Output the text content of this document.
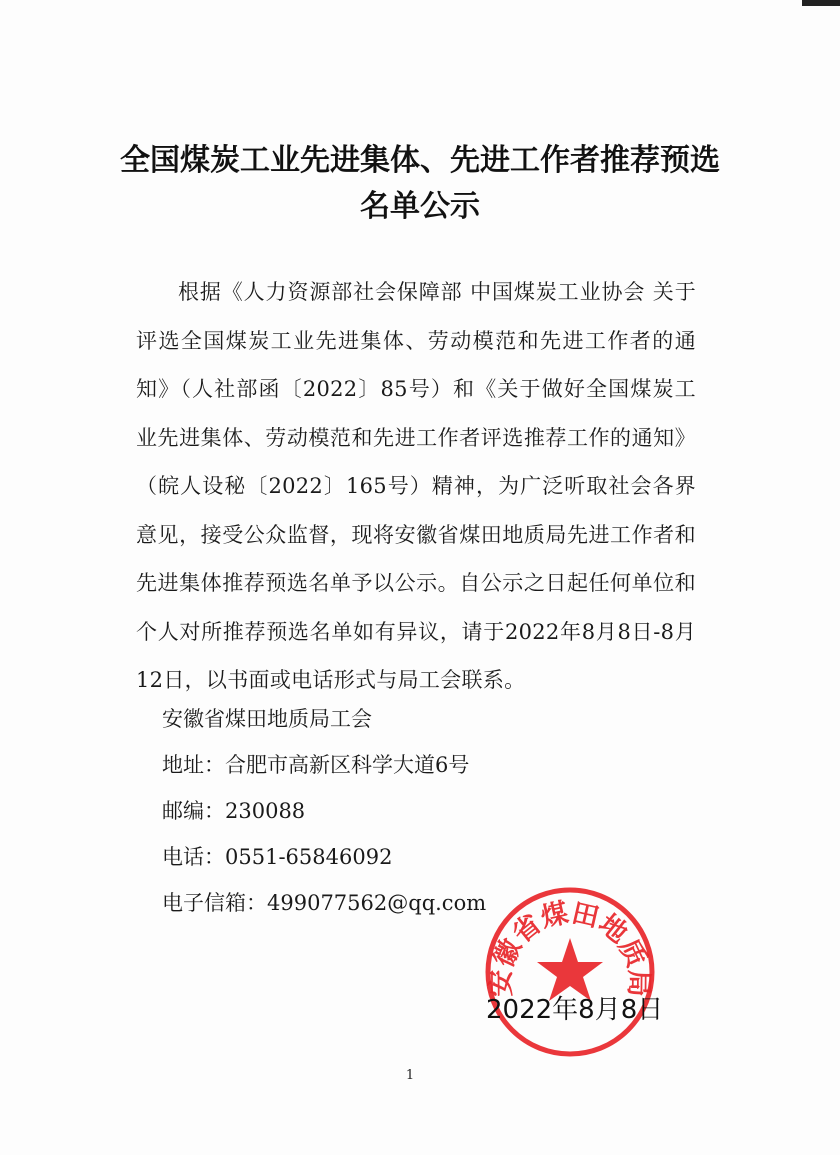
全国煤炭工业先进集体、先进工作者推荐预选名单公示
根据《人力资源部社会保障部 中国煤炭工业协会 关于评选全国煤炭工业先进集体、劳动模范和先进工作者的通知》（人社部函〔2022〕85号）和《关于做好全国煤炭工业先进集体、劳动模范和先进工作者评选推荐工作的通知》（皖人设秘〔2022〕165号）精神，为广泛听取社会各界意见，接受公众监督，现将安徽省煤田地质局先进工作者和先进集体推荐预选名单予以公示。自公示之日起任何单位和个人对所推荐预选名单如有异议，请于2022年8月8日-8月12日，以书面或电话形式与局工会联系。
安徽省煤田地质局工会
地址：合肥市高新区科学大道6号
邮编：230088
电话：0551-65846092
电子信箱：499077562@qq.com
安徽省煤田地质局
2022年8月8日
1
